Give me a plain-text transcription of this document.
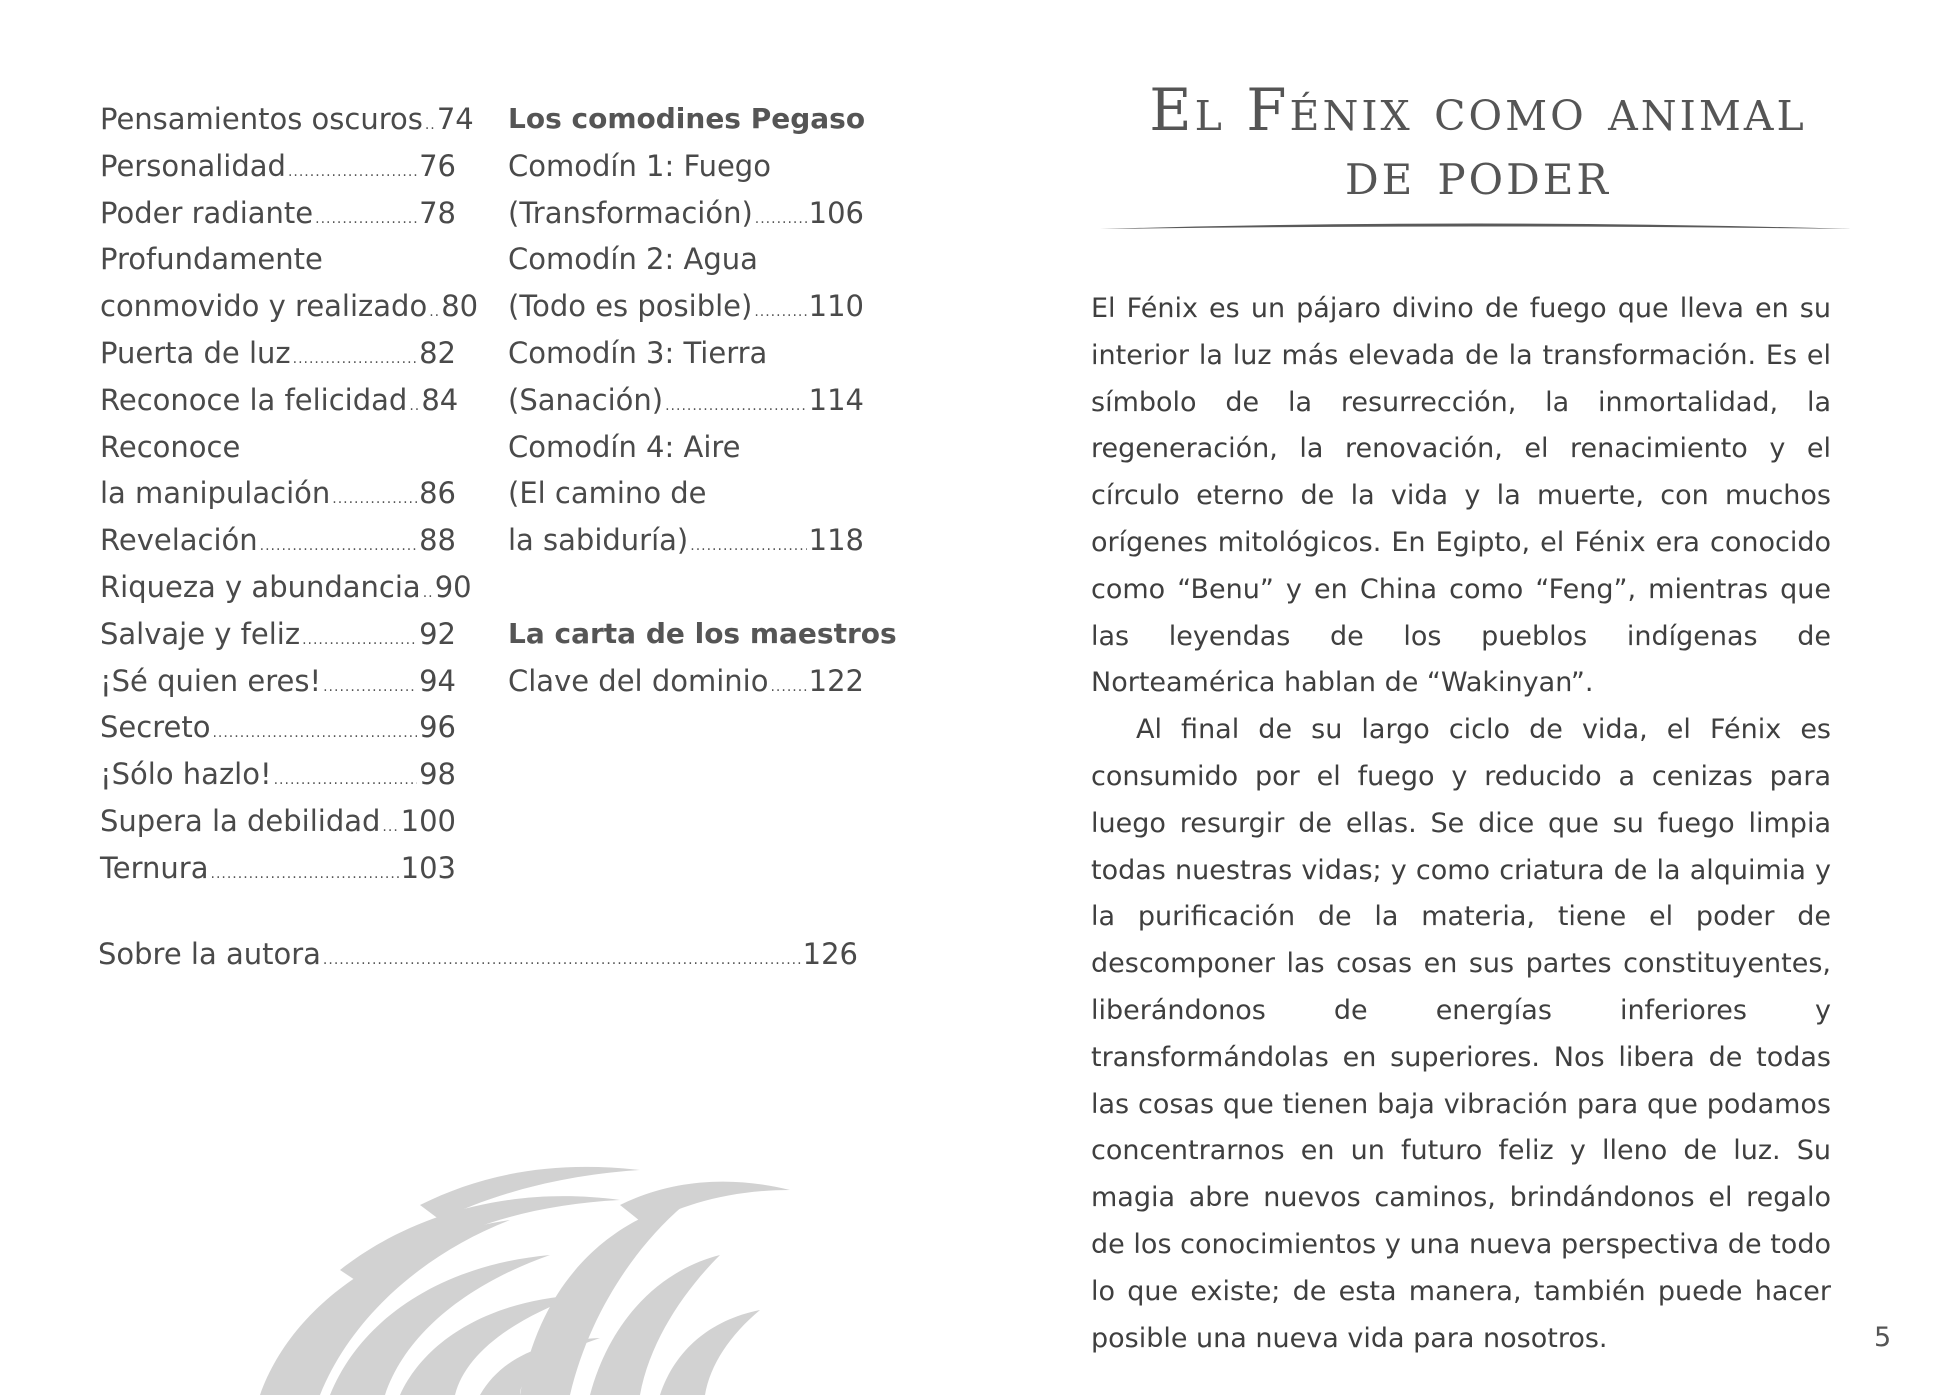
Pensamientos oscuros ..... 74
Personalidad .....	76
Poder radiante .....	78
Profundamente
conmovido y realizado ..... 80
Puerta de luz .....	82
Reconoce la felicidad ..... 84
Reconoce
la manipulación .....	86
Revelación .....	88
Riqueza y abundancia ..... 90
Salvaje y feliz .....	92
¡Sé quien eres! .....	94
Secreto .....	96
¡Sólo hazlo! .....	98
Supera la debilidad ..... 100
Ternura .....	103
Los comodines Pegaso
Comodín 1: Fuego
(Transformación) ..... 106
Comodín 2: Agua
(Todo es posible) ..... 110
Comodín 3: Tierra
(Sanación) .....	114
Comodín 4: Aire
(El camino de
la sabiduría) .....	118
La carta de los maestros
Clave del dominio ..... 122
Sobre la autora .....	126
El Fénix como animal
de poder

El Fénix es un pájaro divino de fuego que lleva en su interior la luz más elevada de la transformación. Es el símbolo de la resurrección, la inmortalidad, la regeneración, la renovación, el renacimiento y el círculo eterno de la vida y la muerte, con muchos orígenes mitológicos. En Egipto, el Fénix era conocido como “Benu” y en China como “Feng”, mientras que las leyendas de los pueblos indígenas de Norteamérica hablan de “Wakinyan”.

Al final de su largo ciclo de vida, el Fénix es consumido por el fuego y reducido a cenizas para luego resurgir de ellas. Se dice que su fuego limpia todas nuestras vidas; y como criatura de la alquimia y la purificación de la materia, tiene el poder de descomponer las cosas en sus partes constituyentes, liberándonos de energías inferiores y transformándolas en superiores. Nos libera de todas las cosas que tienen baja vibración para que podamos concentrarnos en un futuro feliz y lleno de luz. Su magia abre nuevos caminos, brindándonos el regalo de los conocimientos y una nueva perspectiva de todo lo que existe; de esta manera, también puede hacer posible una nueva vida para nosotros.	5
